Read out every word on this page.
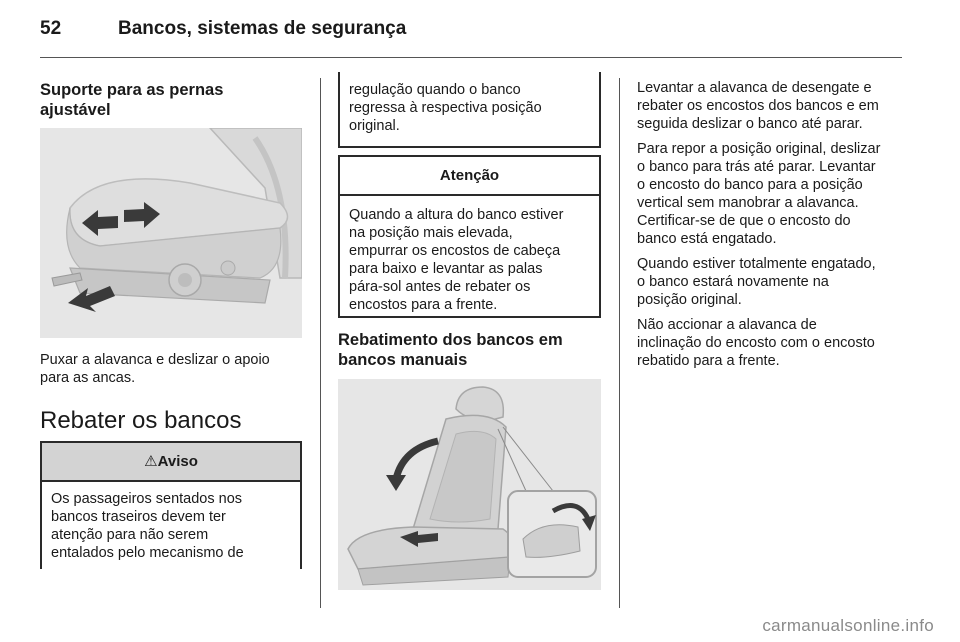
52	Bancos, sistemas de segurança
Suporte para as pernas
ajustável
Puxar a alavanca e deslizar o apoio
para as ancas.
Rebater os bancos
⚠Aviso
Os passageiros sentados nos
bancos traseiros devem ter
atenção para não serem
entalados pelo mecanismo de
regulação quando o banco
regressa à respectiva posição
original.
Atenção
Quando a altura do banco estiver
na posição mais elevada,
empurrar os encostos de cabeça
para baixo e levantar as palas
pára-sol antes de rebater os
encostos para a frente.
Rebatimento dos bancos em
bancos manuais

Levantar a alavanca de desengate e
rebater os encostos dos bancos e em
seguida deslizar o banco até parar.

Para repor a posição original, deslizar
o banco para trás até parar. Levantar
o encosto do banco para a posição
vertical sem manobrar a alavanca.
Certificar-se de que o encosto do
banco está engatado.

Quando estiver totalmente engatado,
o banco estará novamente na
posição original.

Não accionar a alavanca de
inclinação do encosto com o encosto
rebatido para a frente.

carmanualsonline.info
